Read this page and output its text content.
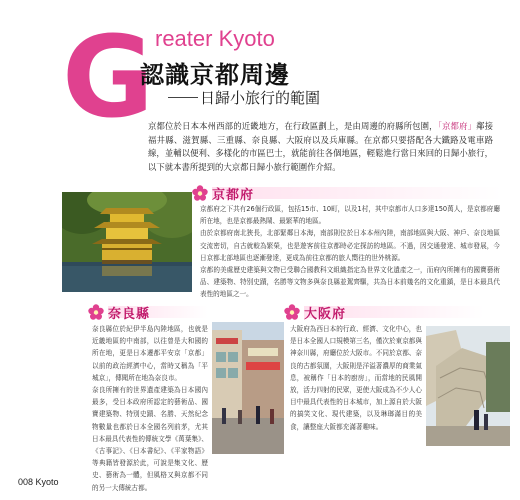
G reater Kyoto
認識京都周邊
日歸小旅行的範圍
京都位於日本本州西部的近畿地方，在行政區劃上，是由周邊的府縣所包圍，「京都府」鄰接福井縣、滋賀縣、三重縣、奈良縣、大阪府以及兵庫縣。在京都只要搭配各大鐵路及電車路線，並輔以便利、多樣化的市區巴士，就能前往各個地區，輕鬆進行當日來回的日歸小旅行，以下就本書所提到的大京都日歸小旅行範圍作介紹。
京都府
京都府之下共有26個行政區，包括15市、10町，以及1村，其中京都市人口多達150萬人，是京都府廳所在地，也是京都最熱鬧、最繁華的地區。
由於京都府南北狹長，北部緊鄰日本海，南部則位於日本本州內陸，南部地區與大阪、神戶、奈良地區交流密切，自古就較為繁榮，也是遊客前往京都時必定探訪的地區。不過，因交通發達、城市發展，今日京都北部地區也逐漸發達，更成為前往京都的旅人嚮往的世外桃源。
京都的美處歷史建築與文物已受聯合國教科文組織指定為世界文化遺產之一，而府內所擁有的國寶藝術品、建築物、特別史蹟，名勝等文物多與奈良縣並駕齊驅，共為日本前幾名的文化重鎮，是日本最具代表性的地區之一。
奈良縣
奈良縣位於紀伊半島內陸地區，也就是近畿地區的中南部，以往曾是大和國的所在地，更是日本遷都平安京「京都」以前的政治經濟中心，當時又稱為「平城京」，傳聞所在地為奈良市。
奈良所擁有的世界遺產建築為日本國內最多，受日本政府所認定的藝術品、國寶建築物、特別史蹟、名勝、天然紀念物數量也都於日本全國名列前茅，尤其日本最具代表性的傳統文學《萬葉集》、《古事記》、《日本書紀》、《平家物語》等典籍皆發源於此，可說是集文化、歷史、藝術為一體，但風格又與京都不同的另一大傳統古都。
大阪府
大阪府為西日本的行政、經濟、文化中心，也是日本全國人口規模第三名，僅次於東京都與神奈川縣，府廳位於大阪市。不同於京都、奈良的古都氛圍，大阪則是洋溢著濃厚的商業氣息，被稱作「日本的廚房」，而當地的民風開放，活力四射的民眾，更使大阪成為不少人心目中最具代表性的日本城市，加上源自於大阪的搞笑文化、現代建築，以及琳瑯滿目的美食，讓整座大阪都充滿著趣味。
008 Kyoto
